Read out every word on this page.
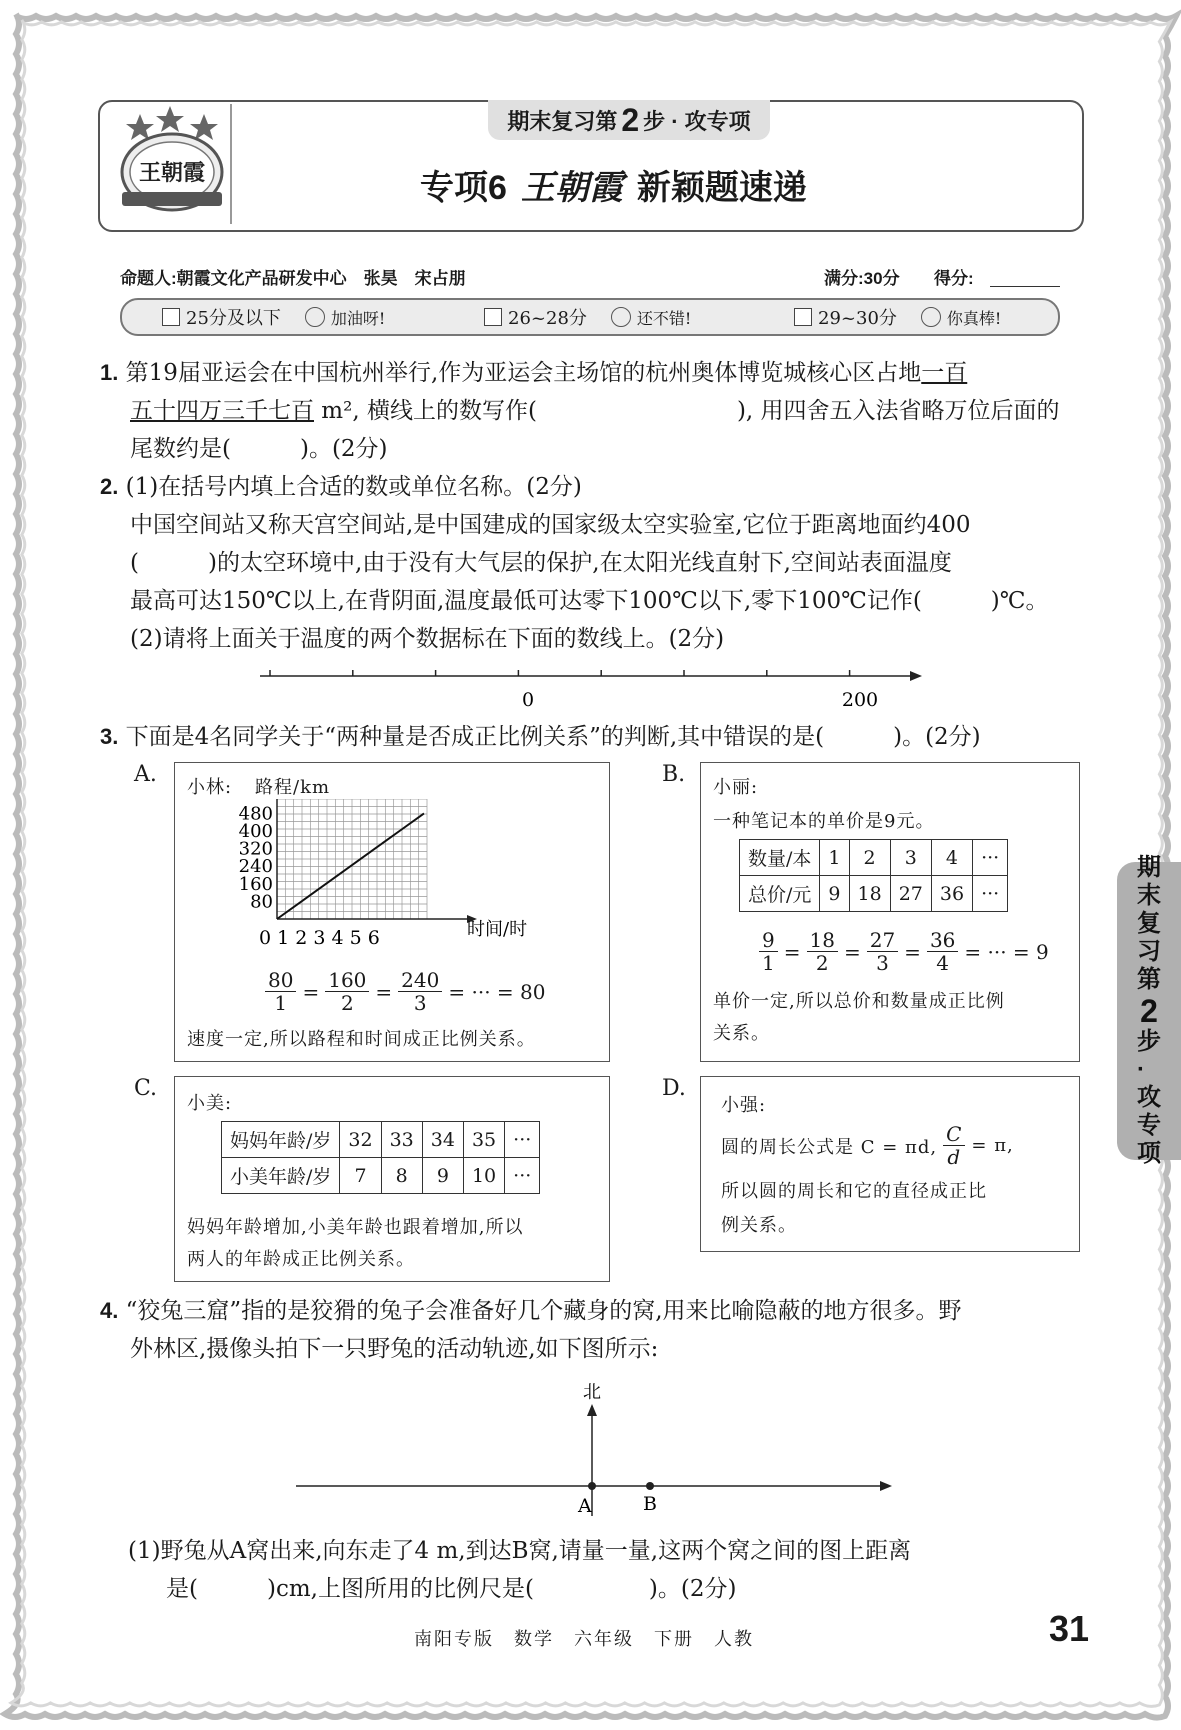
期末复习第 2 步 · 攻专项
王朝霞	专项6 王朝霞 新颖题速递
命题人:朝霞文化产品研发中心　张昊　宋占朋	满分:30分 得分:
25分及以下	加油呀!	26~28分	还不错!	29~30分	你真棒!
1. 第19届亚运会在中国杭州举行,作为亚运会主场馆的杭州奥体博览城核心区占地一百
五十四万三千七百 m², 横线上的数写作(	), 用四舍五入法省略万位后面的
尾数约是(　　　)。(2分)
2. (1)在括号内填上合适的数或单位名称。(2分)
中国空间站又称天宫空间站,是中国建成的国家级太空实验室,它位于距离地面约400
(　　　)的太空环境中,由于没有大气层的保护,在太阳光线直射下,空间站表面温度
最高可达150℃以上,在背阴面,温度最低可达零下100℃以下,零下100℃记作(　　　)℃。
(2)请将上面关于温度的两个数据标在下面的数线上。(2分)
0	200
3. 下面是4名同学关于“两种量是否成正比例关系”的判断,其中错误的是(　　　)。(2分)
A.
小林: 路程/km
480
400
320
240
160
80
时间/时
0 1 2 3 4 5 6
$\frac{80}{1} = \frac{160}{2} = \frac{240}{3}$ = ··· = 80
速度一定,所以路程和时间成正比例关系。
B.
小丽:
一种笔记本的单价是9元。
数量/本	1	2	3	4	···
总价/元	9	18	27	36	···
$\frac{9}{1} = \frac{18}{2} = \frac{27}{3} = \frac{36}{4}$ = ··· = 9
单价一定,所以总价和数量成正比例
关系。
C.
小美:
妈妈年龄/岁	32	33	34	35	···
小美年龄/岁	7	8	9	10	···
妈妈年龄增加,小美年龄也跟着增加,所以
两人的年龄成正比例关系。
D.
小强:
圆的周长公式是 C = πd, $\frac{C}{d} = \pi$,
所以圆的周长和它的直径成正比
例关系。
4. “狡兔三窟”指的是狡猾的兔子会准备好几个藏身的窝,用来比喻隐蔽的地方很多。野
外林区,摄像头拍下一只野兔的活动轨迹,如下图所示:
北
A	B
(1)野兔从A窝出来,向东走了4 m,到达B窝,请量一量,这两个窝之间的图上距离
是(　　　)cm,上图所用的比例尺是(　　　　　)。(2分)
期
末
复
习
第
2
步
·
攻
专
项
南阳专版　数学　六年级　下册　人教	31
